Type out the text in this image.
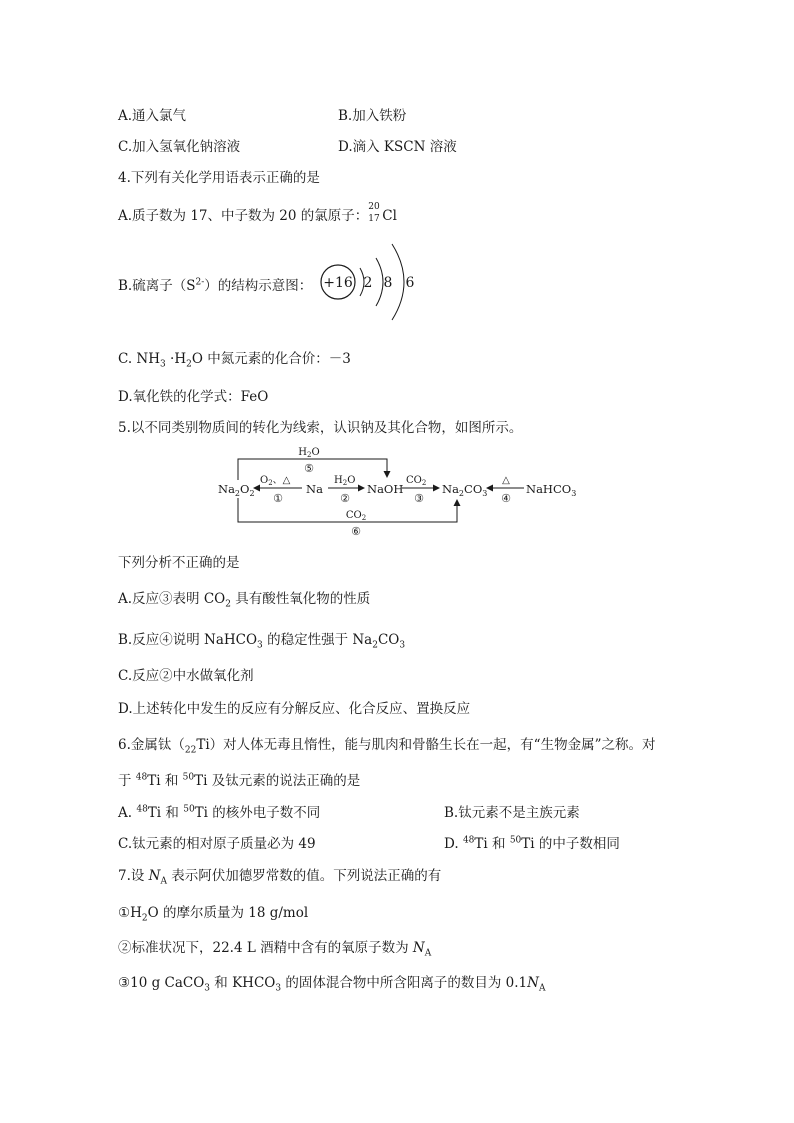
A.通入氯气	B.加入铁粉
C.加入氢氧化钠溶液	D.滴入 KSCN 溶液
4.下列有关化学用语表示正确的是
A.质子数为 17、中子数为 20 的氯原子：
20
17 Cl
B.硫离子$(S^{2-})$的结构示意图： +16 2 8 6
C. $NH_3 \cdot H_2O$ 中氮元素的化合价：－3
D.氧化铁的化学式：FeO
5.以不同类别物质间的转化为线索，认识钠及其化合物，如图所示。
$Na_2O_2$	Na	NaOH	$Na_2CO_3$	NaHCO$_3$
$O_2$、△
①
$H_2O$
②
$CO_2$
③
△
④
$H_2O$
⑤
$CO_2$
⑥
下列分析不正确的是
A.反应③表明 $CO_2$ 具有酸性氧化物的性质
B.反应④说明 NaHCO$_3$ 的稳定性强于 $Na_2CO_3$
C.反应②中水做氧化剂
D.上述转化中发生的反应有分解反应、化合反应、置换反应
6.金属钛$(_{22}Ti)$对人体无毒且惰性，能与肌肉和骨骼生长在一起，有“生物金属”之称。对
于 $^{48}$Ti 和 $^{50}$Ti 及钛元素的说法正确的是
A. $^{48}$Ti 和 $^{50}$Ti 的核外电子数不同	B.钛元素不是主族元素
C.钛元素的相对原子质量必为 49	D. $^{48}$Ti 和 $^{50}$Ti 的中子数相同
7.设 $N_A$ 表示阿伏加德罗常数的值。下列说法正确的有
$①H_2O$ 的摩尔质量为 18 g/mol
②标准状况下，22.4 L 酒精中含有的氧原子数为 $N_A$
③10 g CaCO$_3$ 和 $KHCO_3$ 的固体混合物中所含阳离子的数目为 $0.1N_A$
